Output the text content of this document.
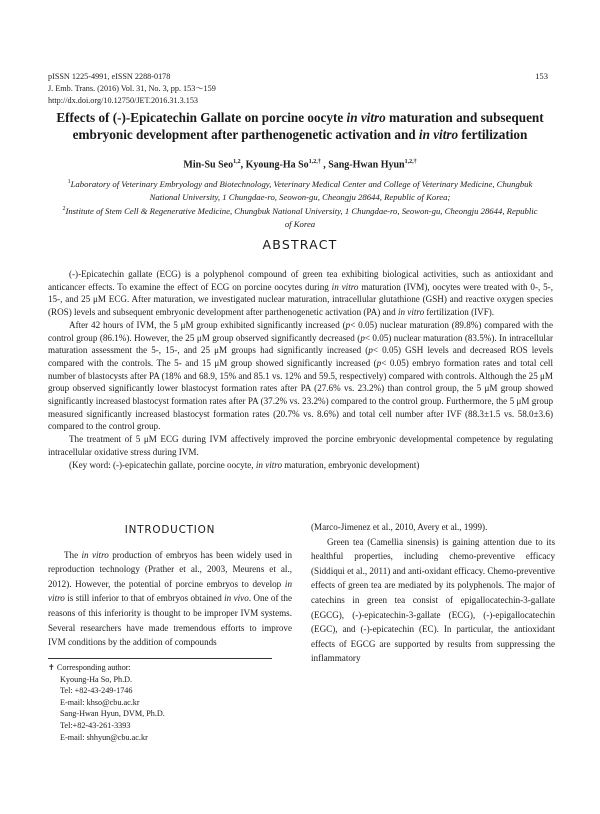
pISSN 1225-4991, eISSN 2288-0178
J. Emb. Trans. (2016) Vol. 31, No. 3, pp. 153～159
http://dx.doi.org/10.12750/JET.2016.31.3.153
153
Effects of (-)-Epicatechin Gallate on porcine oocyte in vitro maturation and subsequent embryonic development after parthenogenetic activation and in vitro fertilization
Min-Su Seo$^{1,2}$, Kyoung-Ha $So^{1,2,\dagger}$ , Sang-Hwan Hyun$^{1,2,\dagger}$
$^1$Laboratory of Veterinary Embryology and Biotechnology, Veterinary Medical Center and College of Veterinary Medicine, Chungbuk National University, 1 Chungdae-ro, Seowon-gu, Cheongju 28644, Republic of Korea;
$^2$Institute of Stem Cell & Regenerative Medicine, Chungbuk National University, 1 Chungdae-ro, Seowon-gu, Cheongju 28644, Republic of Korea
ABSTRACT

(-)-Epicatechin gallate (ECG) is a polyphenol compound of green tea exhibiting biological activities, such as antioxidant and anticancer effects. To examine the effect of ECG on porcine oocytes during in vitro maturation (IVM), oocytes were treated with 0-, 5-, 15-, and 25 μM ECG. After maturation, we investigated nuclear maturation, intracellular glutathione (GSH) and reactive oxygen species (ROS) levels and subsequent embryonic development after parthenogenetic activation (PA) and in vitro fertilization (IVF).

After 42 hours of IVM, the 5 μM group exhibited significantly increased (p< 0.05) nuclear maturation (89.8%) compared with the control group (86.1%). However, the 25 μM group observed significantly decreased (p< 0.05) nuclear maturation (83.5%). In intracellular maturation assessment the 5-, 15-, and 25 μM groups had significantly increased (p< 0.05) GSH levels and decreased ROS levels compared with the controls. The 5- and 15 μM group showed significantly increased (p< 0.05) embryo formation rates and total cell number of blastocysts after PA (18% and 68.9, 15% and 85.1 vs. 12% and 59.5, respectively) compared with controls. Although the 25 μM group observed significantly lower blastocyst formation rates after PA (27.6% vs. 23.2%) than control group, the 5 μM group showed significantly increased blastocyst formation rates after PA (37.2% vs. 23.2%) compared to the control group. Furthermore, the 5 μM group measured significantly increased blastocyst formation rates (20.7% vs. 8.6%) and total cell number after IVF (88.3±1.5 vs. 58.0±3.6) compared to the control group.

The treatment of 5 μM ECG during IVM affectively improved the porcine embryonic developmental competence by regulating intracellular oxidative stress during IVM.

(Key word: (-)-epicatechin gallate, porcine oocyte, in vitro maturation, embryonic development)

INTRODUCTION

The in vitro production of embryos has been widely used in reproduction technology (Prather et al., 2003, Meurens et al., 2012). However, the potential of porcine embryos to develop in vitro is still inferior to that of embryos obtained in vivo. One of the reasons of this inferiority is thought to be improper IVM systems. Several researchers have made tremendous efforts to improve IVM conditions by the addition of compounds

(Marco-Jimenez et al., 2010, Avery et al., 1999).

Green tea (Camellia sinensis) is gaining attention due to its healthful properties, including chemo-preventive efficacy (Siddiqui et al., 2011) and anti-oxidant efficacy. Chemo-preventive effects of green tea are mediated by its polyphenols. The major of catechins in green tea consist of epigallocatechin-3-gallate (EGCG), (-)-epicatechin-3-gallate (ECG), (-)-epigallocatechin (EGC), and (-)-epicatechin (EC). In particular, the antioxidant effects of EGCG are supported by results from suppressing the inflammatory

✝ Corresponding author:
Kyoung-Ha So, Ph.D.
Tel: +82-43-249-1746
E-mail: khso@cbu.ac.kr
Sang-Hwan Hyun, DVM, Ph.D.
Tel:+82-43-261-3393
E-mail: shhyun@cbu.ac.kr
